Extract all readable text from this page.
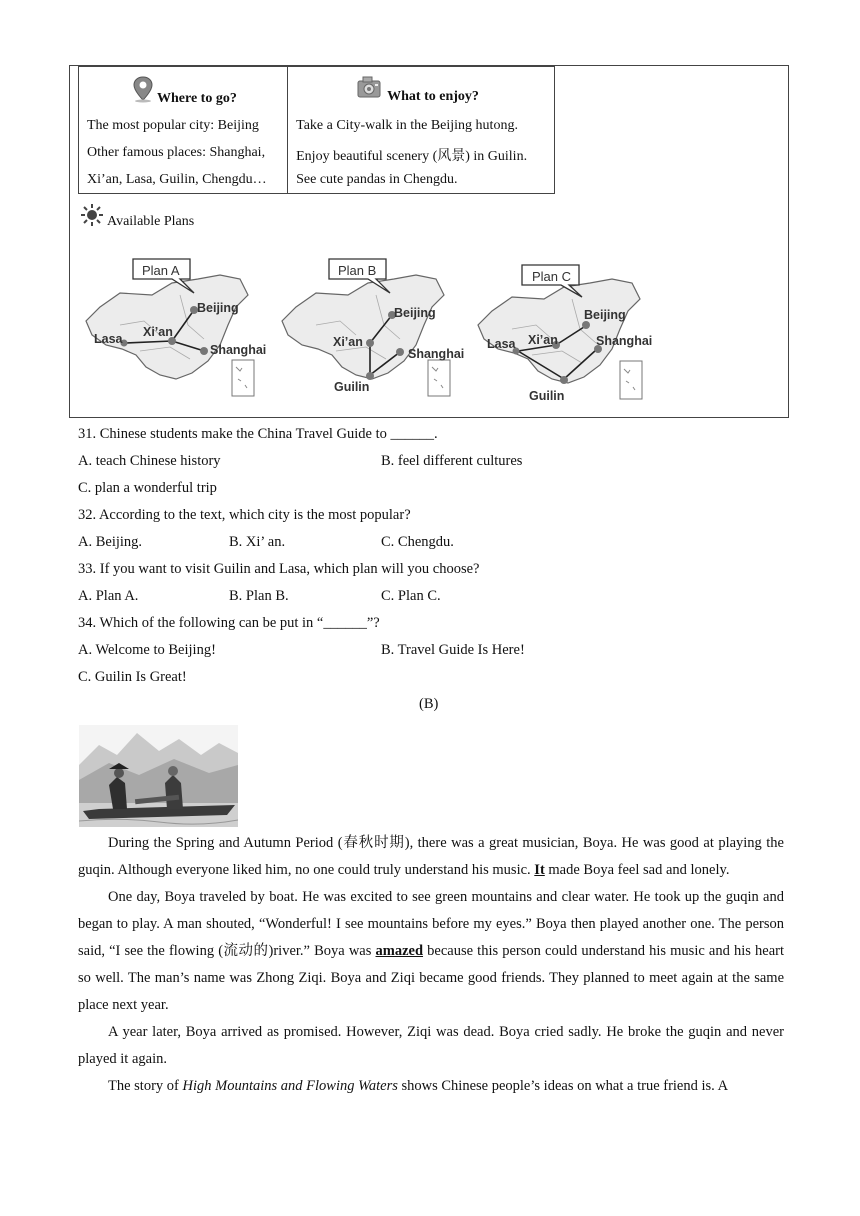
Where to go?
The most popular city: Beijing
Other famous places: Shanghai,
Xi’an, Lasa, Guilin, Chengdu…
What to enjoy?
Take a City-walk in the Beijing hutong.
Enjoy beautiful scenery (风景) in Guilin.
See cute pandas in Chengdu.
Available Plans
Plan A
Beijing
Xi’an
Lasa
Shanghai
Plan B
Beijing
Xi’an
Shanghai
Guilin
Plan C
Beijing
Lasa Xi’an	Shanghai
Guilin
31. Chinese students make the China Travel Guide to ______.
A. teach Chinese history	B. feel different cultures
C. plan a wonderful trip
32. According to the text, which city is the most popular?
A. Beijing.	B. Xi’ an.	C. Chengdu.
33. If you want to visit Guilin and Lasa, which plan will you choose?
A. Plan A.	B. Plan B.	C. Plan C.
34. Which of the following can be put in “______”?
A. Welcome to Beijing!	B. Travel Guide Is Here!
C. Guilin Is Great!
(B)

During the Spring and Autumn Period (春秋时期), there was a great musician, Boya. He was good at playing the guqin. Although everyone liked him, no one could truly understand his music. It made Boya feel sad and lonely.

One day, Boya traveled by boat. He was excited to see green mountains and clear water. He took up the guqin and began to play. A man shouted, “Wonderful! I see mountains before my eyes.” Boya then played another one. The person said, “I see the flowing (流动的)river.” Boya was amazed because this person could understand his music and his heart so well. The man’s name was Zhong Ziqi. Boya and Ziqi became good friends. They planned to meet again at the same place next year.

A year later, Boya arrived as promised. However, Ziqi was dead. Boya cried sadly. He broke the guqin and never played it again.

The story of High Mountains and Flowing Waters shows Chinese people’s ideas on what a true friend is. A
